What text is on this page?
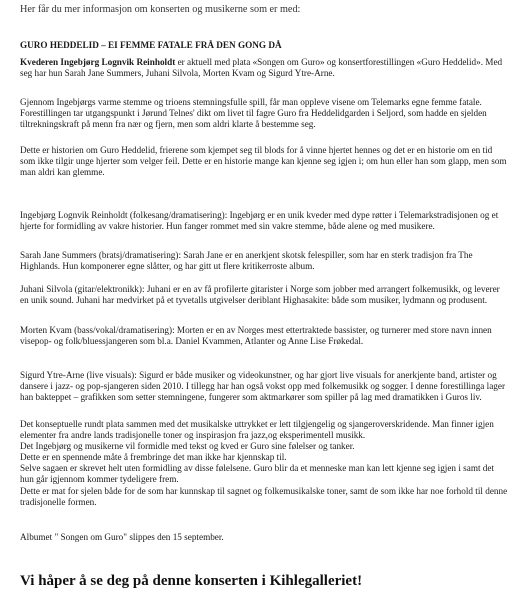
Her får du mer informasjon om konserten og musikerne som er med:

GURO HEDDELID – EI FEMME FATALE FRÅ DEN GONG DÅ

Kvederen Ingebjørg Lognvik Reinholdt er aktuell med plata «Songen om Guro» og konsertforestillingen «Guro Heddelid». Med seg har hun Sarah Jane Summers, Juhani Silvola, Morten Kvam og Sigurd Ytre-Arne.

Gjennom Ingebjørgs varme stemme og trioens stemningsfulle spill, får man oppleve visene om Telemarks egne femme fatale. Forestillingen tar utgangspunkt i Jørund Telnes' dikt om livet til fagre Guro fra Heddelidgarden i Seljord, som hadde en sjelden tiltrekningskraft på menn fra nær og fjern, men som aldri klarte å bestemme seg.

Dette er historien om Guro Heddelid, frierene som kjempet seg til blods for å vinne hjertet hennes og det er en historie om en tid som ikke tilgir unge hjerter som velger feil. Dette er en historie mange kan kjenne seg igjen i; om hun eller han som glapp, men som man aldri kan glemme.

Ingebjørg Lognvik Reinholdt (folkesang/dramatisering): Ingebjørg er en unik kveder med dype røtter i Telemarkstradisjonen og et hjerte for formidling av vakre historier. Hun fanger rommet med sin vakre stemme, både alene og med musikere.

Sarah Jane Summers (bratsj/dramatisering): Sarah Jane er en anerkjent skotsk felespiller, som har en sterk tradisjon fra The Highlands. Hun komponerer egne slåtter, og har gitt ut flere kritikerroste album.

Juhani Silvola (gitar/elektronikk): Juhani er en av få profilerte gitarister i Norge som jobber med arrangert folkemusikk, og leverer en unik sound. Juhani har medvirket på et tyvetalls utgivelser deriblant Highasakite: både som musiker, lydmann og produsent.

Morten Kvam (bass/vokal/dramatisering): Morten er en av Norges mest ettertraktede bassister, og turnerer med store navn innen visepop- og folk/bluessjangeren som bl.a. Daniel Kvammen, Atlanter og Anne Lise Frøkedal.

Sigurd Ytre-Arne (live visuals): Sigurd er både musiker og videokunstner, og har gjort live visuals for anerkjente band, artister og dansere i jazz- og pop-sjangeren siden 2010. I tillegg har han også vokst opp med folkemusikk og sogger. I denne forestillinga lager han bakteppet – grafikken som setter stemningene, fungerer som aktmarkører som spiller på lag med dramatikken i Guros liv.

Det konseptuelle rundt plata sammen med det musikalske uttrykket er lett tilgjengelig og sjangeroverskridende. Man finner igjen elementer fra andre lands tradisjonelle toner og inspirasjon fra jazz,og eksperimentell musikk.

Det Ingebjørg og musikerne vil formidle med tekst og kved er Guro sine følelser og tanker.

Dette er en spennende måte å frembringe det man ikke har kjennskap til.

Selve sagaen er skrevet helt uten formidling av disse følelsene. Guro blir da et menneske man kan lett kjenne seg igjen i samt det hun går igjennom kommer tydeligere frem.

Dette er mat for sjelen både for de som har kunnskap til sagnet og folkemusikalske toner, samt de som ikke har noe forhold til denne tradisjonelle formen.

Albumet " Songen om Guro" slippes den 15 september.

Vi håper å se deg på denne konserten i Kihlegalleriet!
